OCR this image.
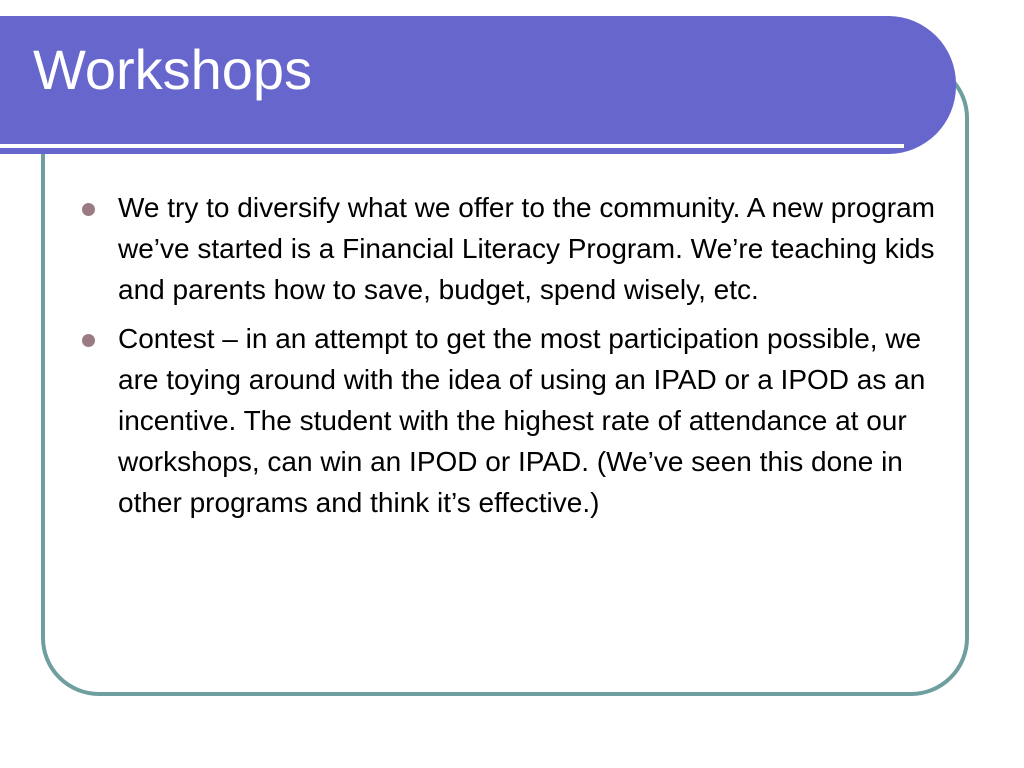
Workshops
We try to diversify what we offer to the community. A new program we’ve started is a Financial Literacy Program. We’re teaching kids and parents how to save, budget, spend wisely, etc.
Contest – in an attempt to get the most participation possible, we are toying around with the idea of using an IPAD or a IPOD as an incentive. The student with the highest rate of attendance at our workshops, can win an IPOD or IPAD. (We’ve seen this done in other programs and think it’s effective.)
